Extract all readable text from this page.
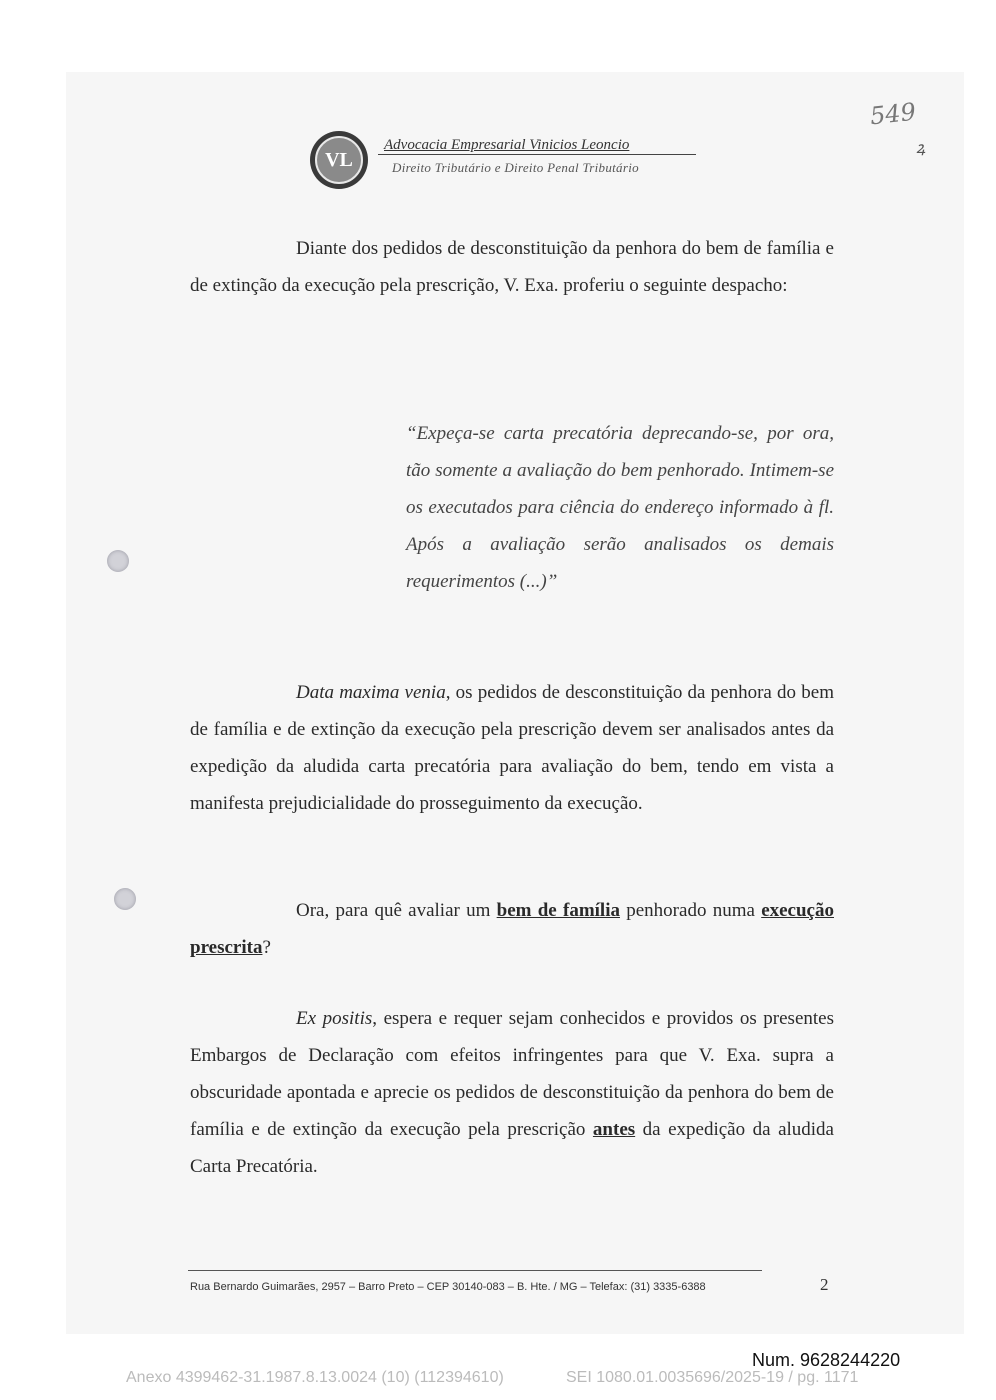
VL
Advocacia Empresarial Vinicios Leoncio
Direito Tributário e Direito Penal Tributário
549
ꝝ
Diante dos pedidos de desconstituição da penhora do bem de família e de extinção da execução pela prescrição, V. Exa. proferiu o seguinte despacho:
“Expeça-se carta precatória deprecando-se, por ora, tão somente a avaliação do bem penhorado. Intimem-se os executados para ciência do endereço informado à fl. Após a avaliação serão analisados os demais requerimentos (...)”
Data maxima venia, os pedidos de desconstituição da penhora do bem de família e de extinção da execução pela prescrição devem ser analisados antes da expedição da aludida carta precatória para avaliação do bem, tendo em vista a manifesta prejudicialidade do prosseguimento da execução.
Ora, para quê avaliar um bem de família penhorado numa execução prescrita?
Ex positis, espera e requer sejam conhecidos e providos os presentes Embargos de Declaração com efeitos infringentes para que V. Exa. supra a obscuridade apontada e aprecie os pedidos de desconstituição da penhora do bem de família e de extinção da execução pela prescrição antes da expedição da aludida Carta Precatória.
Rua Bernardo Guimarães, 2957 – Barro Preto – CEP 30140-083 – B. Hte. / MG – Telefax: (31) 3335-6388	2
Num. 9628244220
Anexo 4399462-31.1987.8.13.0024 (10) (112394610)	SEI 1080.01.0035696/2025-19 / pg. 1171
